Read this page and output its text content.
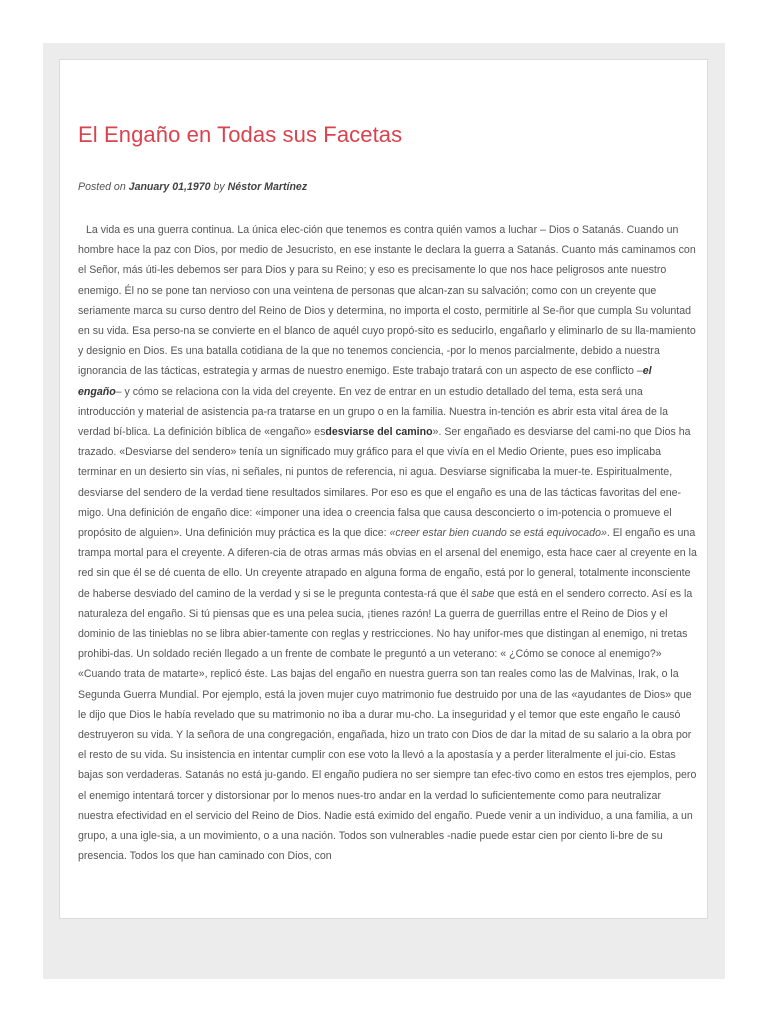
El Engaño en Todas sus Facetas
Posted on January 01,1970 by Néstor Martínez

La vida es una guerra continua. La única elec-ción que tenemos es contra quién vamos a luchar – Dios o Satanás. Cuando un hombre hace la paz con Dios, por medio de Jesucristo, en ese instante le declara la guerra a Satanás. Cuanto más caminamos con el Señor, más úti-les debemos ser para Dios y para su Reino; y eso es precisamente lo que nos hace peligrosos ante nuestro enemigo. Él no se pone tan nervioso con una veintena de personas que alcan-zan su salvación; como con un creyente que seriamente marca su curso dentro del Reino de Dios y determina, no importa el costo, permitirle al Se-ñor que cumpla Su voluntad en su vida. Esa perso-na se convierte en el blanco de aquél cuyo propó-sito es seducirlo, engañarlo y eliminarlo de su lla-mamiento y designio en Dios. Es una batalla cotidiana de la que no tenemos conciencia, -por lo menos parcialmente, debido a nuestra ignorancia de las tácticas, estrategia y armas de nuestro enemigo. Este trabajo tratará con un aspecto de ese conflicto –el engaño– y cómo se relaciona con la vida del creyente. En vez de entrar en un estudio detallado del tema, esta será una introducción y material de asistencia pa-ra tratarse en un grupo o en la familia. Nuestra in-tención es abrir esta vital área de la verdad bí-blica. La definición bíblica de «engaño» esdesviarse del camino». Ser engañado es desviarse del cami-no que Dios ha trazado. «Desviarse del sendero» tenía un significado muy gráfico para el que vivía en el Medio Oriente, pues eso implicaba terminar en un desierto sin vías, ni señales, ni puntos de referencia, ni agua. Desviarse significaba la muer-te. Espiritualmente, desviarse del sendero de la verdad tiene resultados similares. Por eso es que el engaño es una de las tácticas favoritas del ene-migo. Una definición de engaño dice: «imponer una idea o creencia falsa que causa desconcierto o im-potencia o promueve el propósito de alguien». Una definición muy práctica es la que dice: «creer estar bien cuando se está equivocado». El engaño es una trampa mortal para el creyente. A diferen-cia de otras armas más obvias en el arsenal del enemigo, esta hace caer al creyente en la red sin que él se dé cuenta de ello. Un creyente atrapado en alguna forma de engaño, está por lo general, totalmente inconsciente de haberse desviado del camino de la verdad y si se le pregunta contesta-rá que él sabe que está en el sendero correcto. Así es la naturaleza del engaño. Si tú piensas que es una pelea sucia, ¡tienes razón! La guerra de guerrillas entre el Reino de Dios y el dominio de las tinieblas no se libra abier-tamente con reglas y restricciones. No hay unifor-mes que distingan al enemigo, ni tretas prohibi-das. Un soldado recién llegado a un frente de combate le preguntó a un veterano: « ¿Cómo se conoce al enemigo?» «Cuando trata de matarte», replicó éste. Las bajas del engaño en nuestra guerra son tan reales como las de Malvinas, Irak, o la Segunda Guerra Mundial. Por ejemplo, está la joven mujer cuyo matrimonio fue destruido por una de las «ayudantes de Dios» que le dijo que Dios le había revelado que su matrimonio no iba a durar mu-cho. La inseguridad y el temor que este engaño le causó destruyeron su vida. Y la señora de una congregación, engañada, hizo un trato con Dios de dar la mitad de su salario a la obra por el resto de su vida. Su insistencia en intentar cumplir con ese voto la llevó a la apostasía y a perder literalmente el jui-cio. Estas bajas son verdaderas. Satanás no está ju-gando. El engaño pudiera no ser siempre tan efec-tivo como en estos tres ejemplos, pero el enemigo intentará torcer y distorsionar por lo menos nues-tro andar en la verdad lo suficientemente como para neutralizar nuestra efectividad en el servicio del Reino de Dios. Nadie está eximido del engaño. Puede venir a un individuo, a una familia, a un grupo, a una igle-sia, a un movimiento, o a una nación. Todos son vulnerables -nadie puede estar cien por ciento li-bre de su presencia. Todos los que han caminado con Dios, con
